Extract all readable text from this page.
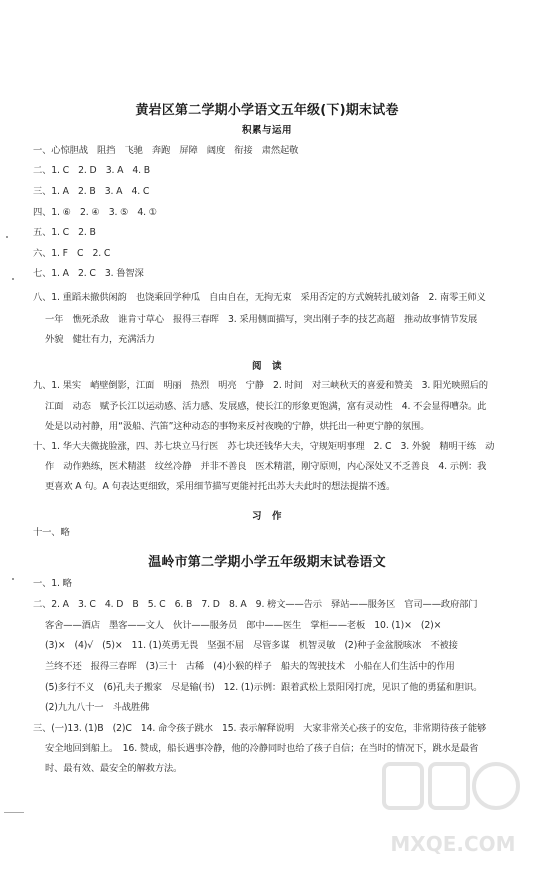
黄岩区第二学期小学语文五年级(下)期末试卷
积累与运用
一、心惊胆战　阻挡　飞驰　奔跑　屏障　阔度　衔接　肃然起敬
二、1. C　2. D　3. A　4. B
三、1. A　2. B　3. A　4. C
四、1. ⑥　2. ④　3. ⑤　4. ①
五、1. C　2. B
六、1. F　C　2. C
七、1. A　2. C　3. 鲁智深
八、1. 重蹈未撤供闲韵　也饶乘回学种瓜　自由自在，无拘无束　采用否定的方式婉转扎破刘备　2. 南零王师义
一年　憔死杀敌　谁肯寸草心　报得三春晖　3. 采用侧面描写，突出刚子李的技艺高超　推动故事情节发展
外貌　健壮有力，充满活力
阅　读
九、1. 果实　峭壁倒影，江面　明丽　热烈　明亮　宁静　2. 时间　对三峡秋天的喜爱和赞美　3. 阳光映照后的
江面　动态　赋予长江以运动感、活力感、发展感，使长江的形象更饱满，富有灵动性　4. 不会显得嘈杂。此
处是以动衬静，用“汲船、汽笛”这种动态的事物来反衬夜晚的宁静，烘托出一种更宁静的氛围。
十、1. 华大夫微拢脸涨，四、苏七块立马行医　苏七块还钱华大夫，守规矩明事理　2. C　3. 外貌　精明干练　动
作　动作熟练，医术精湛　纹丝冷静　并非不善良　医术精湛，刚守原则，内心深处又不乏善良　4. 示例：我
更喜欢 A 句。A 句表达更细致，采用细节描写更能衬托出苏大夫此时的想法提揣不透。
习　作
十一、略
温岭市第二学期小学五年级期末试卷语文
一、1. 略
二、2. A　3. C　4. D　B　5. C　6. B　7. D　8. A　9. 榜文——告示　驿站——服务区　官司——政府部门
客舍——酒店　墨客——文人　伙计——服务员　郎中——医生　掌柜——老板　10. (1)×　(2)×
(3)×　(4)√　(5)×　11. (1)英勇无畏　坚强不屈　尽管多谋　机智灵敏　(2)种子金盆脱咳冰　不被接
兰终不还　报得三春晖　(3)三十　古稀　(4)小猴的样子　船夫的驾驶技术　小船在人们生活中的作用
(5)多行不义　(6)孔夫子搬家　尽是输(书)　12. (1)示例：跟着武松上景阳冈打虎，见识了他的勇猛和胆识。
(2)九九八十一　斗战胜佛
三、(一)13. (1)B　(2)C　14. 命令孩子跳水　15. 表示解释说明　大家非常关心孩子的安危，非常期待孩子能够
安全地回到船上。　16. 赞成，船长遇事冷静，他的冷静同时也给了孩子自信；在当时的情况下，跳水是最省
时、最有效、最安全的解救方法。
MXQE.COM
